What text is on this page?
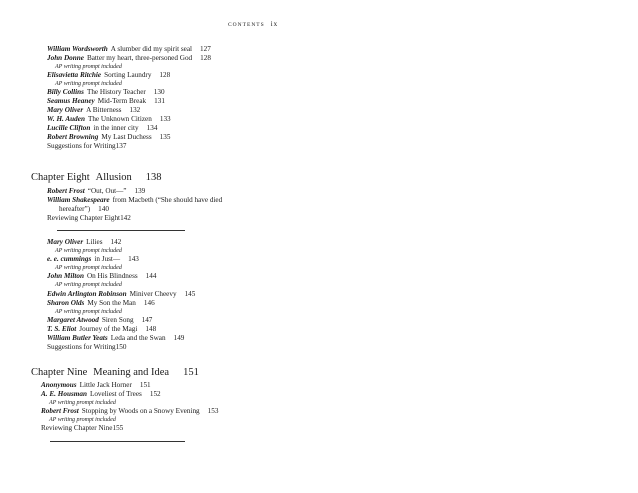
CONTENTS ix
William Wordsworth A slumber did my spirit seal 127
John Donne Batter my heart, three-personed God 128
AP writing prompt included
Elisavietta Ritchie Sorting Laundry 128
AP writing prompt included
Billy Collins The History Teacher 130
Seamus Heaney Mid-Term Break 131
Mary Oliver A Bitterness 132
W. H. Auden The Unknown Citizen 133
Lucille Clifton in the inner city 134
Robert Browning My Last Duchess 135
Suggestions for Writing137
Chapter Eight Allusion 138
Robert Frost “Out, Out—” 139
William Shakespeare from Macbeth (“She should have died
hereafter”) 140
Reviewing Chapter Eight142
Mary Oliver Lilies 142
AP writing prompt included
e. e. cummings in Just— 143
AP writing prompt included
John Milton On His Blindness 144
AP writing prompt included
Edwin Arlington Robinson Miniver Cheevy 145
Sharon Olds My Son the Man 146
AP writing prompt included
Margaret Atwood Siren Song 147
T. S. Eliot Journey of the Magi 148
William Butler Yeats Leda and the Swan 149
Suggestions for Writing150
Chapter Nine Meaning and Idea 151
Anonymous Little Jack Horner 151
A. E. Housman Loveliest of Trees 152
AP writing prompt included
Robert Frost Stopping by Woods on a Snowy Evening 153
AP writing prompt included
Reviewing Chapter Nine155
